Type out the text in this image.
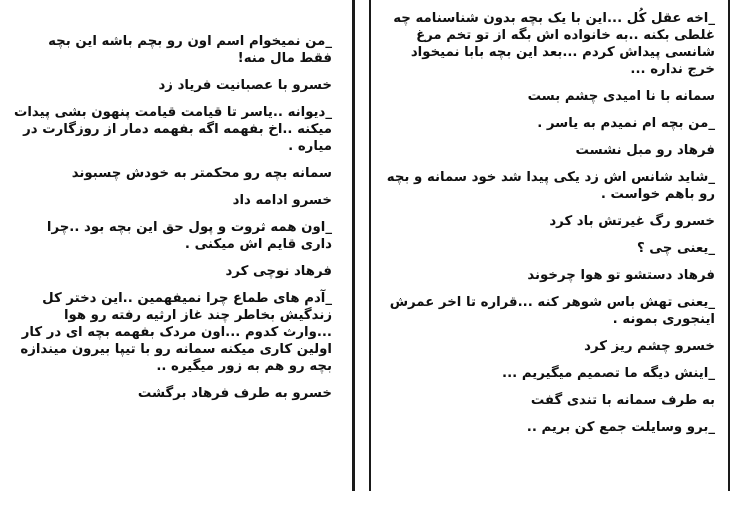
_اخه عقل کُل ...این با یک بچه بدون شناسنامه چه غلطی بکنه ..به خانواده اش بگه از تو تخم مرغ شانسی پیداش کردم ...بعد این بچه بابا نمیخواد خرج نداره ...
سمانه با نا امیدی چشم بست
_من بچه ام نمیدم به یاسر .
فرهاد رو مبل نشست
_شاید شانس اش زد یکی پیدا شد خود سمانه و بچه رو باهم خواست .
خسرو رگ غیرتش باد کرد
_یعنی چی ؟
فرهاد دستشو تو هوا چرخوند
_یعنی تهش باس شوهر کنه ...قراره تا اخر عمرش اینجوری بمونه .
خسرو چشم ریز کرد
_اینش دیگه ما تصمیم میگیریم ...
به طرف سمانه با تندی گفت
_برو وسایلت جمع کن بریم ..
_من نمیخوام اسم اون رو بچم باشه این بچه فقط مال منه!
خسرو با عصبانیت فریاد زد
_دیوانه ..یاسر تا قیامت قیامت پنهون بشی پیدات میکنه ..اخ بفهمه اگه بفهمه دمار از روزگارت در میاره .
سمانه بچه رو محکمتر به خودش چسبوند
خسرو ادامه داد
_اون همه ثروت و پول حق این بچه بود ..چرا داری قایم اش میکنی .
فرهاد نوچی کرد
_آدم های طماع چرا نمیفهمین ..این دختر کل زندگیش بخاطر چند غاز ارثیه رفته رو هوا ...وارث کدوم ...اون مردک بفهمه بچه ای در کار اولین کاری میکنه سمانه رو با تیپا بیرون میندازه بچه رو هم به زور میگیره ..
خسرو به طرف فرهاد برگشت
